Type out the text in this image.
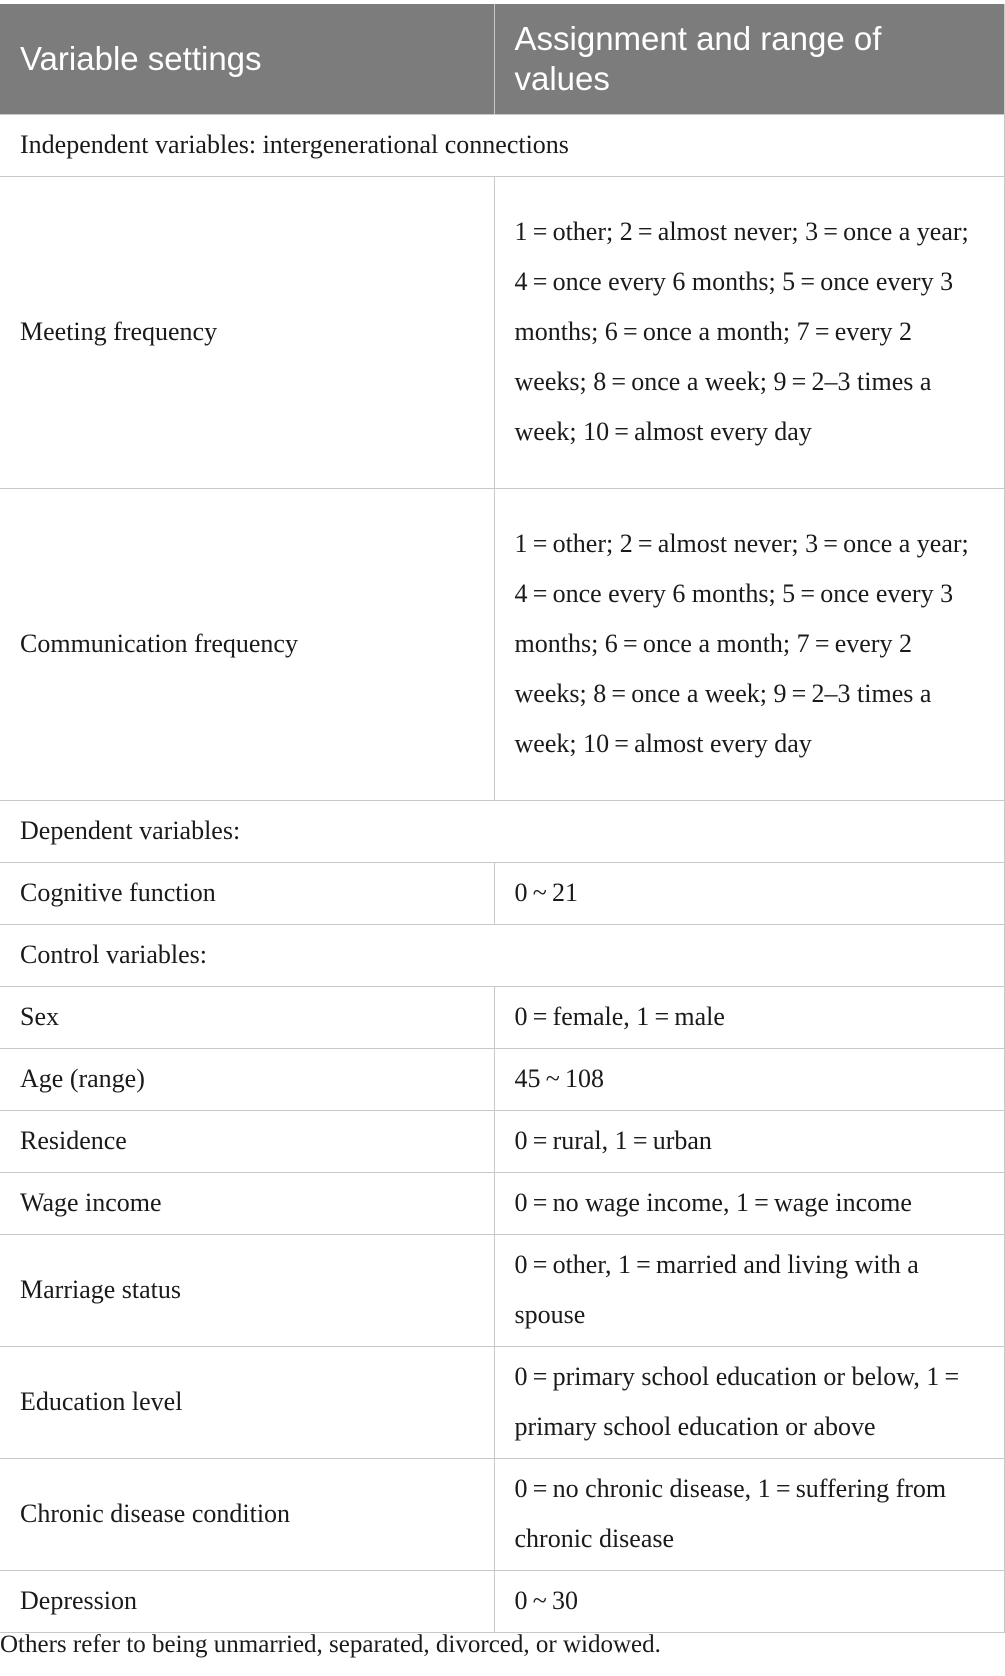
Variable settings	Assignment and range of values
Independent variables: intergenerational connections	
Meeting frequency	1 = other; 2 = almost never; 3 = once a year; 4 = once every 6 months; 5 = once every 3 months; 6 = once a month; 7 = every 2 weeks; 8 = once a week; 9 = 2–3 times a week; 10 = almost every day
Communication frequency	1 = other; 2 = almost never; 3 = once a year; 4 = once every 6 months; 5 = once every 3 months; 6 = once a month; 7 = every 2 weeks; 8 = once a week; 9 = 2–3 times a week; 10 = almost every day
Dependent variables:	
Cognitive function	0 ~ 21
Control variables:	
Sex	0 = female, 1 = male
Age (range)	45 ~ 108
Residence	0 = rural, 1 = urban
Wage income	0 = no wage income, 1 = wage income
Marriage status	0 = other, 1 = married and living with a spouse
Education level	0 = primary school education or below, 1 = primary school education or above
Chronic disease condition	0 = no chronic disease, 1 = suffering from chronic disease
Depression	0 ~ 30
Others refer to being unmarried, separated, divorced, or widowed.
